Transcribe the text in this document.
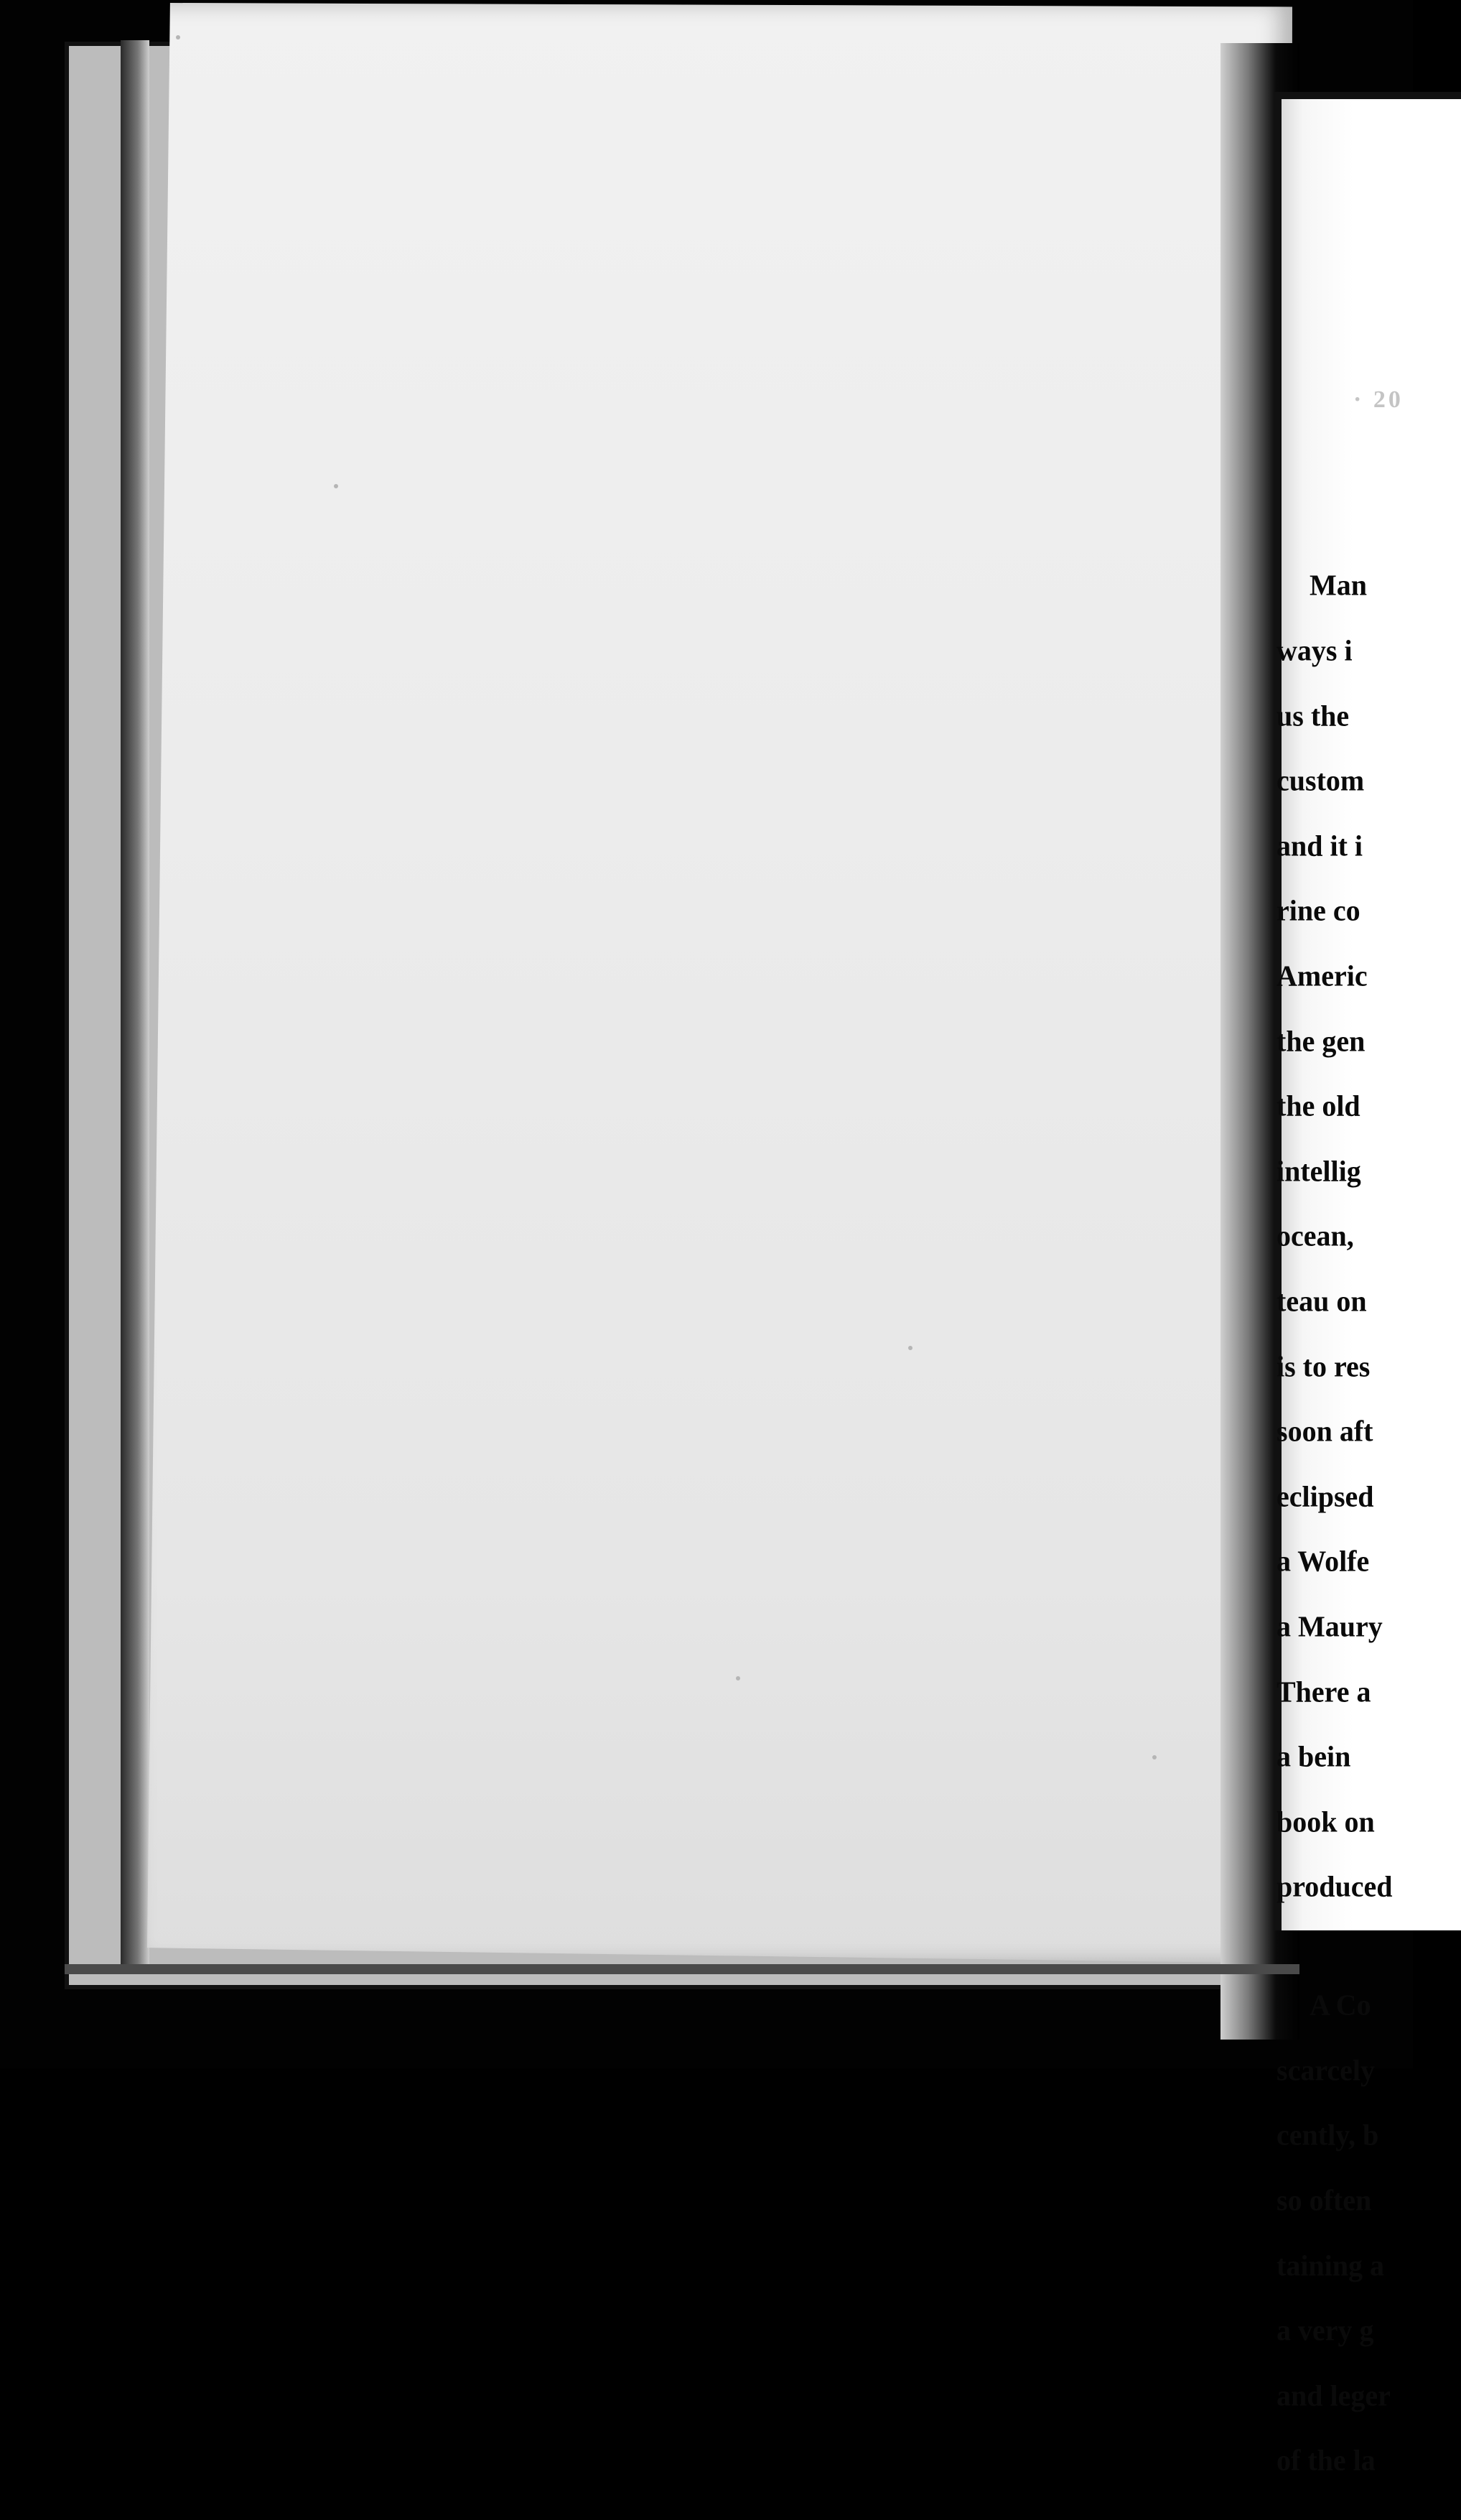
· 20

Man

ways i

us the

custom

and it i

rine co

Americ

the gen

the old

intellig

ocean,

teau on

is to res

soon aft

eclipsed

a Wolfe

a Maury

There a

a bein

book on

produced

A Co

scarcely

cently, b

so often

taining a

a very g

and leger

of the la
